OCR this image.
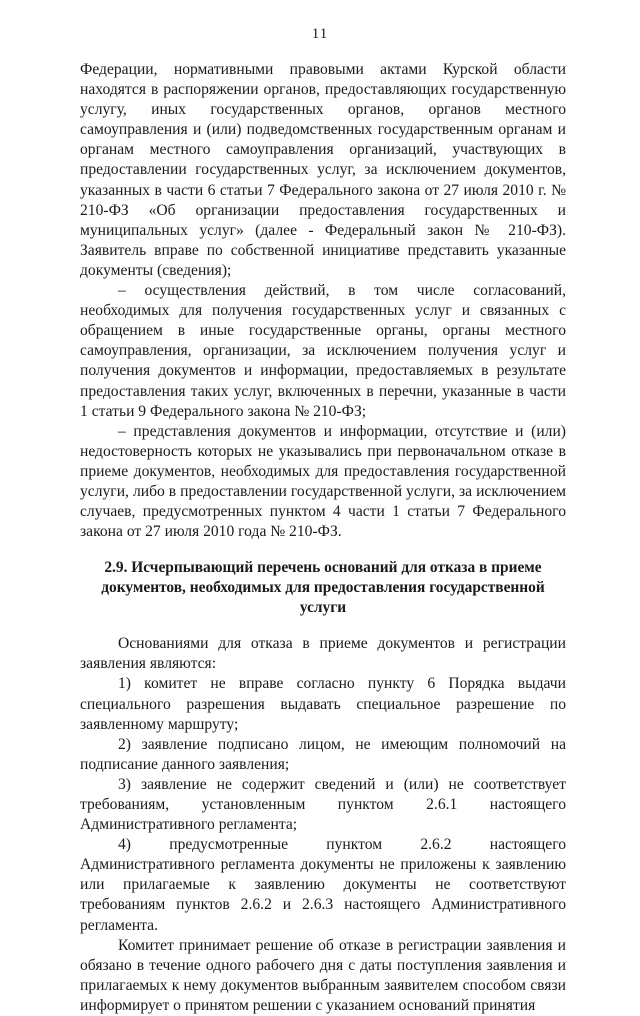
11

Федерации, нормативными правовыми актами Курской области находятся в распоряжении органов, предоставляющих государственную услугу, иных государственных органов, органов местного самоуправления и (или) подведомственных государственным органам и органам местного самоуправления организаций, участвующих в предоставлении государственных услуг, за исключением документов, указанных в части 6 статьи 7 Федерального закона от 27 июля 2010 г. № 210-ФЗ «Об организации предоставления государственных и муниципальных услуг» (далее - Федеральный закон № 210-ФЗ). Заявитель вправе по собственной инициативе представить указанные документы (сведения);

– осуществления действий, в том числе согласований, необходимых для получения государственных услуг и связанных с обращением в иные государственные органы, органы местного самоуправления, организации, за исключением получения услуг и получения документов и информации, предоставляемых в результате предоставления таких услуг, включенных в перечни, указанные в части 1 статьи 9 Федерального закона № 210-ФЗ;

– представления документов и информации, отсутствие и (или) недостоверность которых не указывались при первоначальном отказе в приеме документов, необходимых для предоставления государственной услуги, либо в предоставлении государственной услуги, за исключением случаев, предусмотренных пунктом 4 части 1 статьи 7 Федерального закона от 27 июля 2010 года № 210-ФЗ.

2.9. Исчерпывающий перечень оснований для отказа в приеме документов, необходимых для предоставления государственной услуги

Основаниями для отказа в приеме документов и регистрации заявления являются:

1) комитет не вправе согласно пункту 6 Порядка выдачи специального разрешения выдавать специальное разрешение по заявленному маршруту;

2) заявление подписано лицом, не имеющим полномочий на подписание данного заявления;

3) заявление не содержит сведений и (или) не соответствует требованиям, установленным пунктом 2.6.1 настоящего Административного регламента;

4) предусмотренные пунктом 2.6.2 настоящего Административного регламента документы не приложены к заявлению или прилагаемые к заявлению документы не соответствуют требованиям пунктов 2.6.2 и 2.6.3 настоящего Административного регламента.

Комитет принимает решение об отказе в регистрации заявления и обязано в течение одного рабочего дня с даты поступления заявления и прилагаемых к нему документов выбранным заявителем способом связи информирует о принятом решении с указанием оснований принятия
